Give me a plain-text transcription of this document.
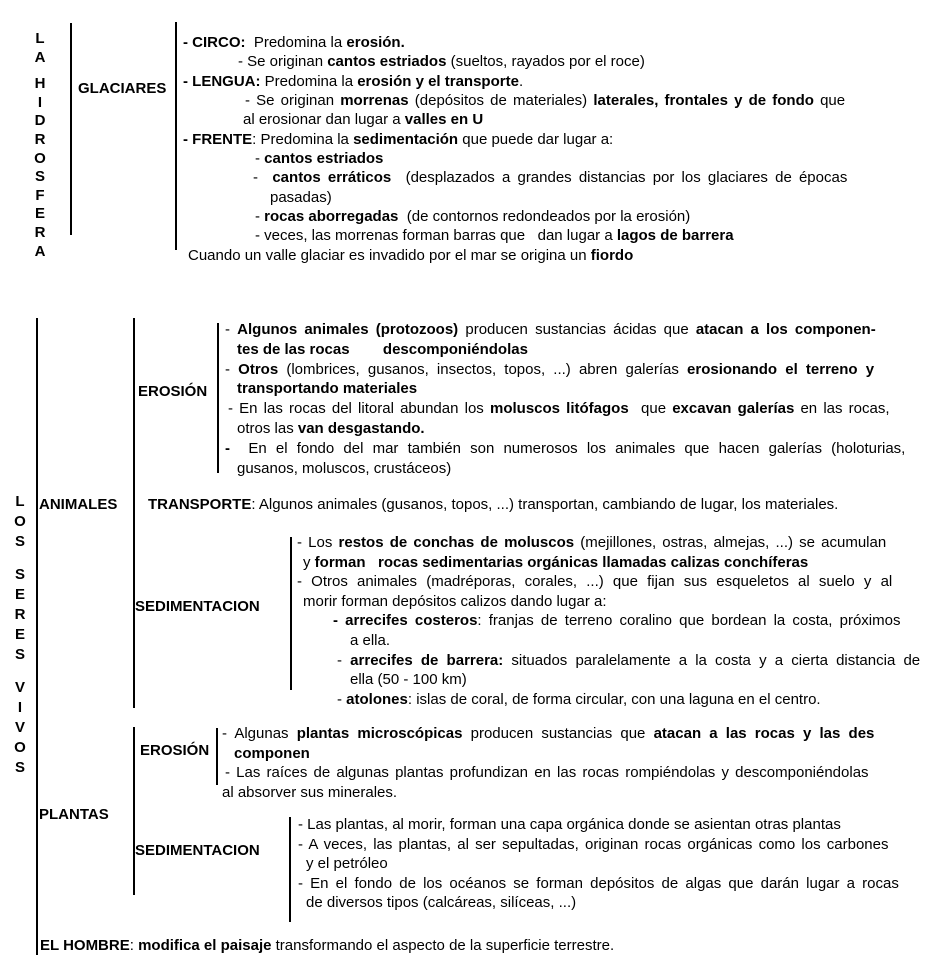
L
A
H
I
D
R
O
S
F
E
R
A
GLACIARES
- CIRCO:  Predomina la erosión.
- Se originan cantos estriados (sueltos, rayados por el roce)
- LENGUA: Predomina la erosión y el transporte.
- Se originan morrenas (depósitos de materiales) laterales, frontales y de fondo que
al erosionar dan lugar a valles en U
- FRENTE: Predomina la sedimentación que puede dar lugar a:
- cantos estriados
-  cantos erráticos  (desplazados a grandes distancias por los glaciares de épocas
pasadas)
- rocas aborregadas  (de contornos redondeados por la erosión)
- veces, las morrenas forman barras que   dan lugar a lagos de barrera
Cuando un valle glaciar es invadido por el mar se origina un fiordo
L
O
S
S
E
R
E
S
V
I
V
O
S
ANIMALES
EROSIÓN
- Algunos animales (protozoos) producen sustancias ácidas que atacan a los componen-
tes de las rocas        descomponiéndolas
- Otros (lombrices, gusanos, insectos, topos, ...) abren galerías erosionando el terreno y
transportando materiales
- En las rocas del litoral abundan los moluscos litófagos  que excavan galerías en las rocas,
otros las van desgastando.
-  En el fondo del mar también son numerosos los animales que hacen galerías (holoturias,
gusanos, moluscos, crustáceos)
TRANSPORTE: Algunos animales (gusanos, topos, ...) transportan, cambiando de lugar, los materiales.
SEDIMENTACION
- Los restos de conchas de moluscos (mejillones, ostras, almejas, ...) se acumulan
y forman   rocas sedimentarias orgánicas llamadas calizas conchíferas
- Otros animales (madréporas, corales, ...) que fijan sus esqueletos al suelo y al
morir forman depósitos calizos dando lugar a:
- arrecifes costeros: franjas de terreno coralino que bordean la costa, próximos
a ella.
- arrecifes de barrera: situados paralelamente a la costa y a cierta distancia de
ella (50 - 100 km)
- atolones: islas de coral, de forma circular, con una laguna en el centro.
PLANTAS
EROSIÓN
- Algunas plantas microscópicas producen sustancias que atacan a las rocas y las des
componen
- Las raíces de algunas plantas profundizan en las rocas rompiéndolas y descomponiéndolas
al absorver sus minerales.
SEDIMENTACION
- Las plantas, al morir, forman una capa orgánica donde se asientan otras plantas
- A veces, las plantas, al ser sepultadas, originan rocas orgánicas como los carbones
y el petróleo
- En el fondo de los océanos se forman depósitos de algas que darán lugar a rocas
de diversos tipos (calcáreas, silíceas, ...)
EL HOMBRE: modifica el paisaje transformando el aspecto de la superficie terrestre.
